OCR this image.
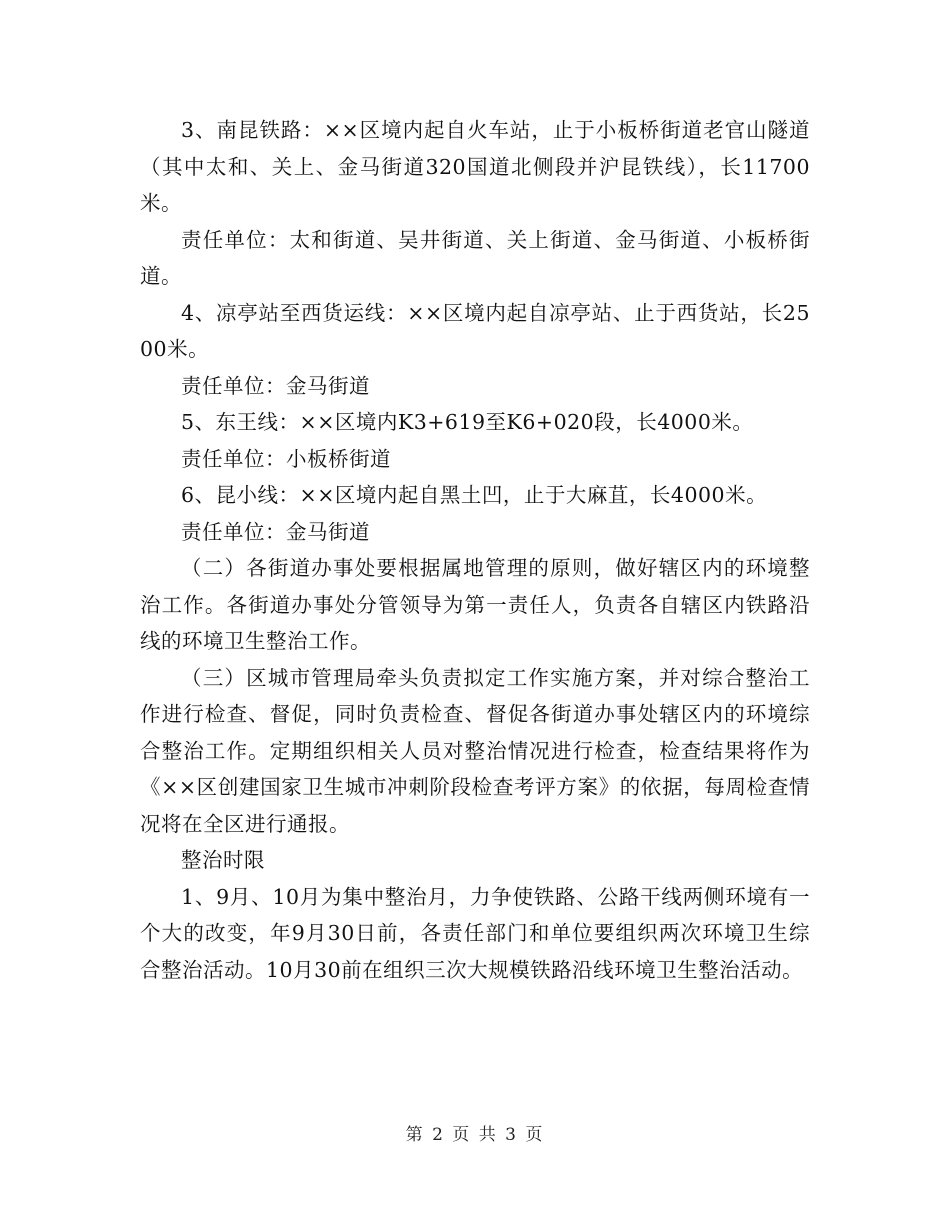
3、南昆铁路：××区境内起自火车站，止于小板桥街道老官山隧道（其中太和、关上、金马街道320国道北侧段并沪昆铁线），长11700米。

责任单位：太和街道、吴井街道、关上街道、金马街道、小板桥街道。

4、凉亭站至西货运线：××区境内起自凉亭站、止于西货站，长2500米。

责任单位：金马街道

5、东王线：××区境内K3+619至K6+020段，长4000米。

责任单位：小板桥街道

6、昆小线：××区境内起自黑土凹，止于大麻苴，长4000米。

责任单位：金马街道

（二）各街道办事处要根据属地管理的原则，做好辖区内的环境整治工作。各街道办事处分管领导为第一责任人，负责各自辖区内铁路沿线的环境卫生整治工作。

（三）区城市管理局牵头负责拟定工作实施方案，并对综合整治工作进行检查、督促，同时负责检查、督促各街道办事处辖区内的环境综合整治工作。定期组织相关人员对整治情况进行检查，检查结果将作为《××区创建国家卫生城市冲刺阶段检查考评方案》的依据，每周检查情况将在全区进行通报。

整治时限

1、9月、10月为集中整治月，力争使铁路、公路干线两侧环境有一个大的改变，年9月30日前，各责任部门和单位要组织两次环境卫生综合整治活动。10月30前在组织三次大规模铁路沿线环境卫生整治活动。

第 2 页 共 3 页
